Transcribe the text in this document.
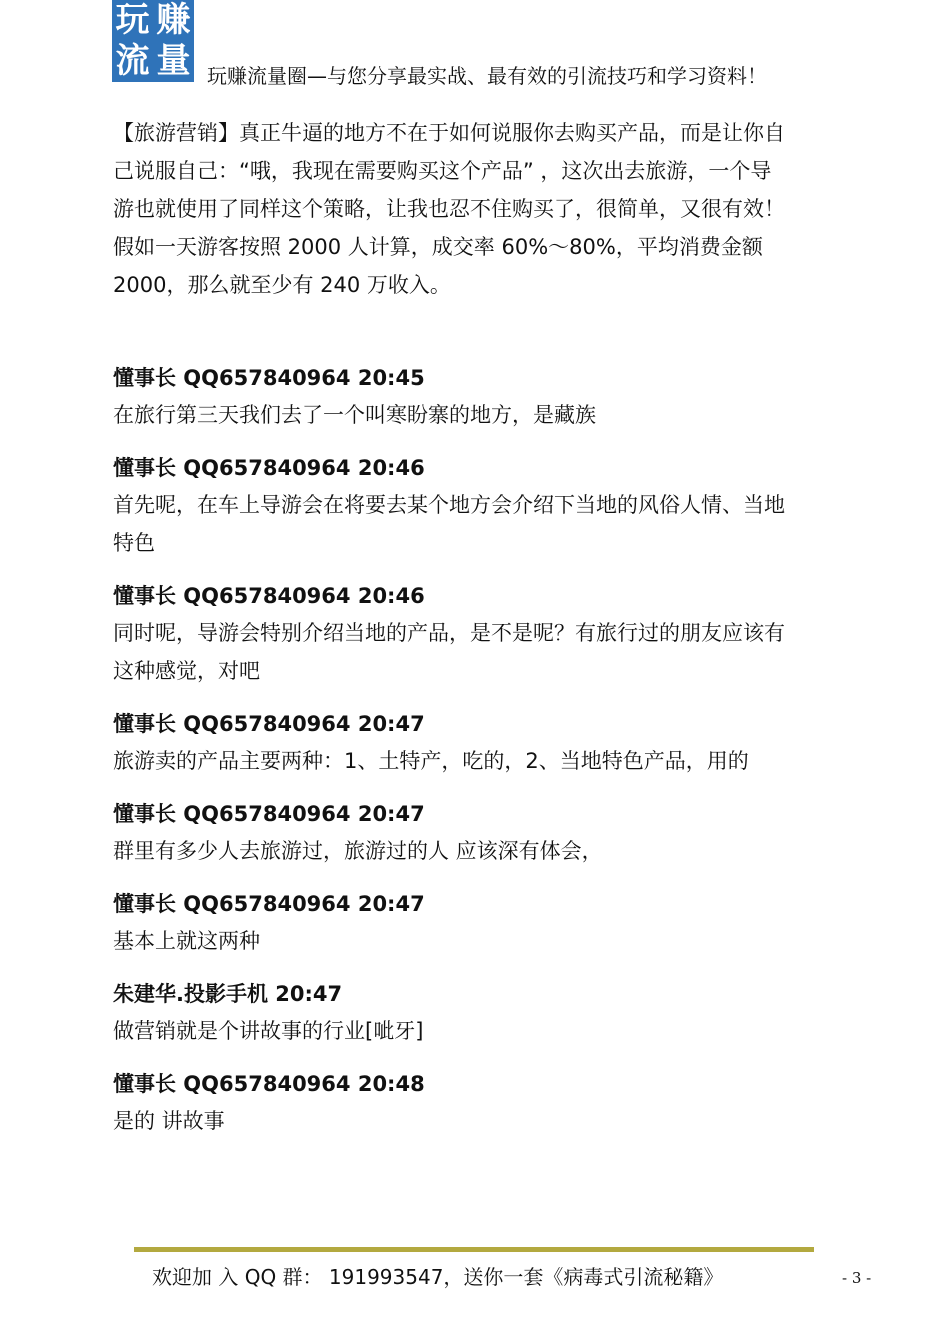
玩 赚
流 量 玩赚流量圈—与您分享最实战、最有效的引流技巧和学习资料！

【旅游营销】真正牛逼的地方不在于如何说服你去购买产品，而是让你自

己说服自己：“哦，我现在需要购买这个产品” ，这次出去旅游，一个导

游也就使用了同样这个策略，让我也忍不住购买了，很简单，又很有效！

假如一天游客按照 2000 人计算，成交率 60%～80%，平均消费金额

2000，那么就至少有 240 万收入。

懂事长 QQ657840964 20:45
在旅行第三天我们去了一个叫寒盼寨的地方，是藏族
懂事长 QQ657840964 20:46
首先呢，在车上导游会在将要去某个地方会介绍下当地的风俗人情、当地
特色
懂事长 QQ657840964 20:46
同时呢，导游会特别介绍当地的产品，是不是呢？有旅行过的朋友应该有
这种感觉，对吧
懂事长 QQ657840964 20:47
旅游卖的产品主要两种：1、土特产，吃的，2、当地特色产品，用的
懂事长 QQ657840964 20:47
群里有多少人去旅游过，旅游过的人 应该深有体会，
懂事长 QQ657840964 20:47
基本上就这两种
朱建华.投影手机 20:47
做营销就是个讲故事的行业[呲牙]
懂事长 QQ657840964 20:48
是的 讲故事
欢迎加 入 QQ 群： 191993547，送你一套《病毒式引流秘籍》	- 3 -
